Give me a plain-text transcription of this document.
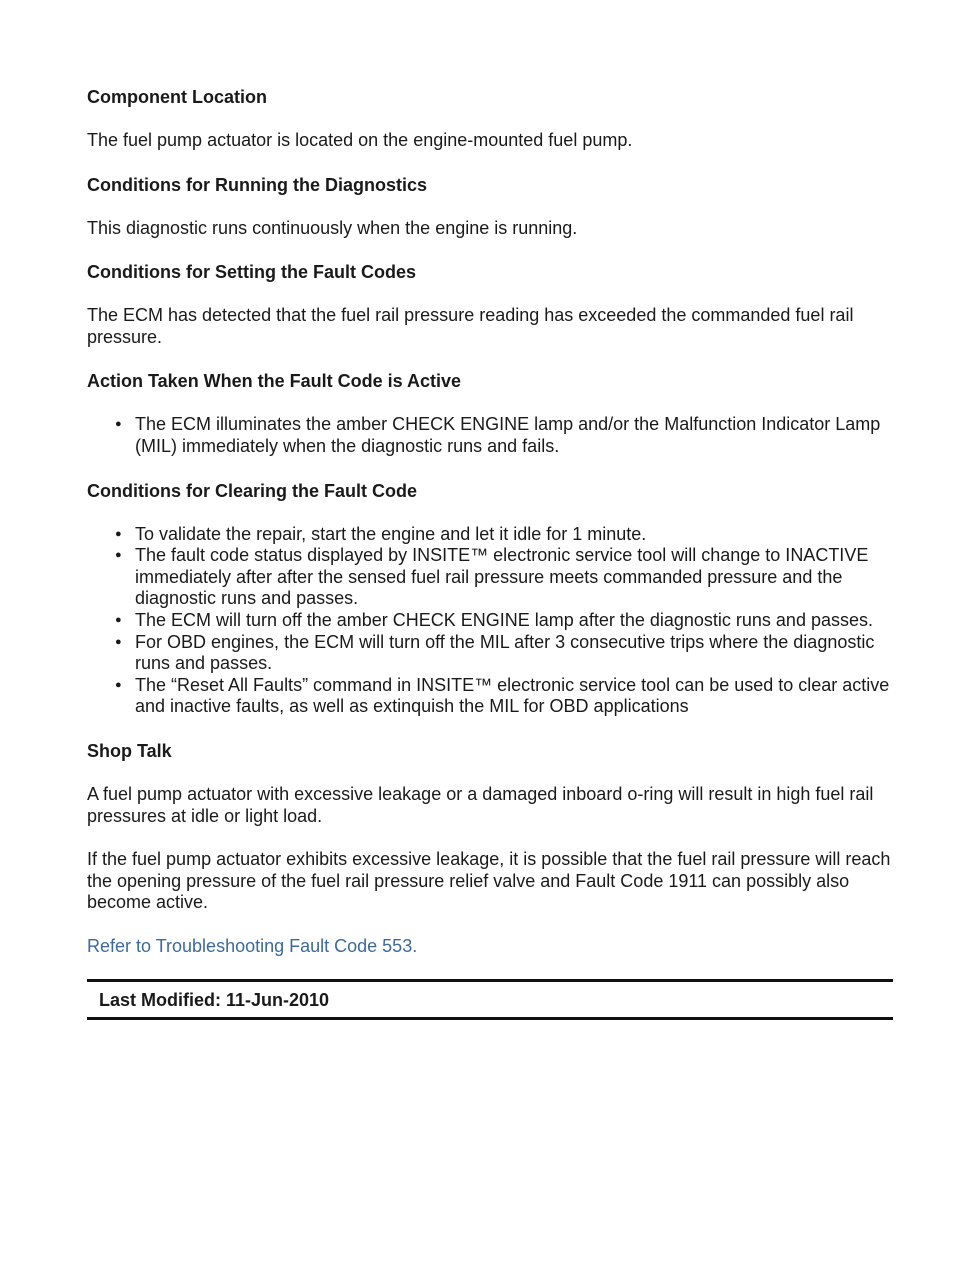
Component Location

The fuel pump actuator is located on the engine-mounted fuel pump.

Conditions for Running the Diagnostics

This diagnostic runs continuously when the engine is running.

Conditions for Setting the Fault Codes

The ECM has detected that the fuel rail pressure reading has exceeded the commanded fuel rail pressure.

Action Taken When the Fault Code is Active
● The ECM illuminates the amber CHECK ENGINE lamp and/or the Malfunction Indicator Lamp (MIL) immediately when the diagnostic runs and fails.
Conditions for Clearing the Fault Code
● To validate the repair, start the engine and let it idle for 1 minute.
● The fault code status displayed by INSITE™ electronic service tool will change to INACTIVE immediately after after the sensed fuel rail pressure meets commanded pressure and the diagnostic runs and passes.
● The ECM will turn off the amber CHECK ENGINE lamp after the diagnostic runs and passes.
● For OBD engines, the ECM will turn off the MIL after 3 consecutive trips where the diagnostic runs and passes.
● The “Reset All Faults” command in INSITE™ electronic service tool can be used to clear active and inactive faults, as well as extinquish the MIL for OBD applications
Shop Talk

A fuel pump actuator with excessive leakage or a damaged inboard o-ring will result in high fuel rail pressures at idle or light load.

If the fuel pump actuator exhibits excessive leakage, it is possible that the fuel rail pressure will reach the opening pressure of the fuel rail pressure relief valve and Fault Code 1911 can possibly also become active.

Refer to Troubleshooting Fault Code 553.

Last Modified: 11-Jun-2010
